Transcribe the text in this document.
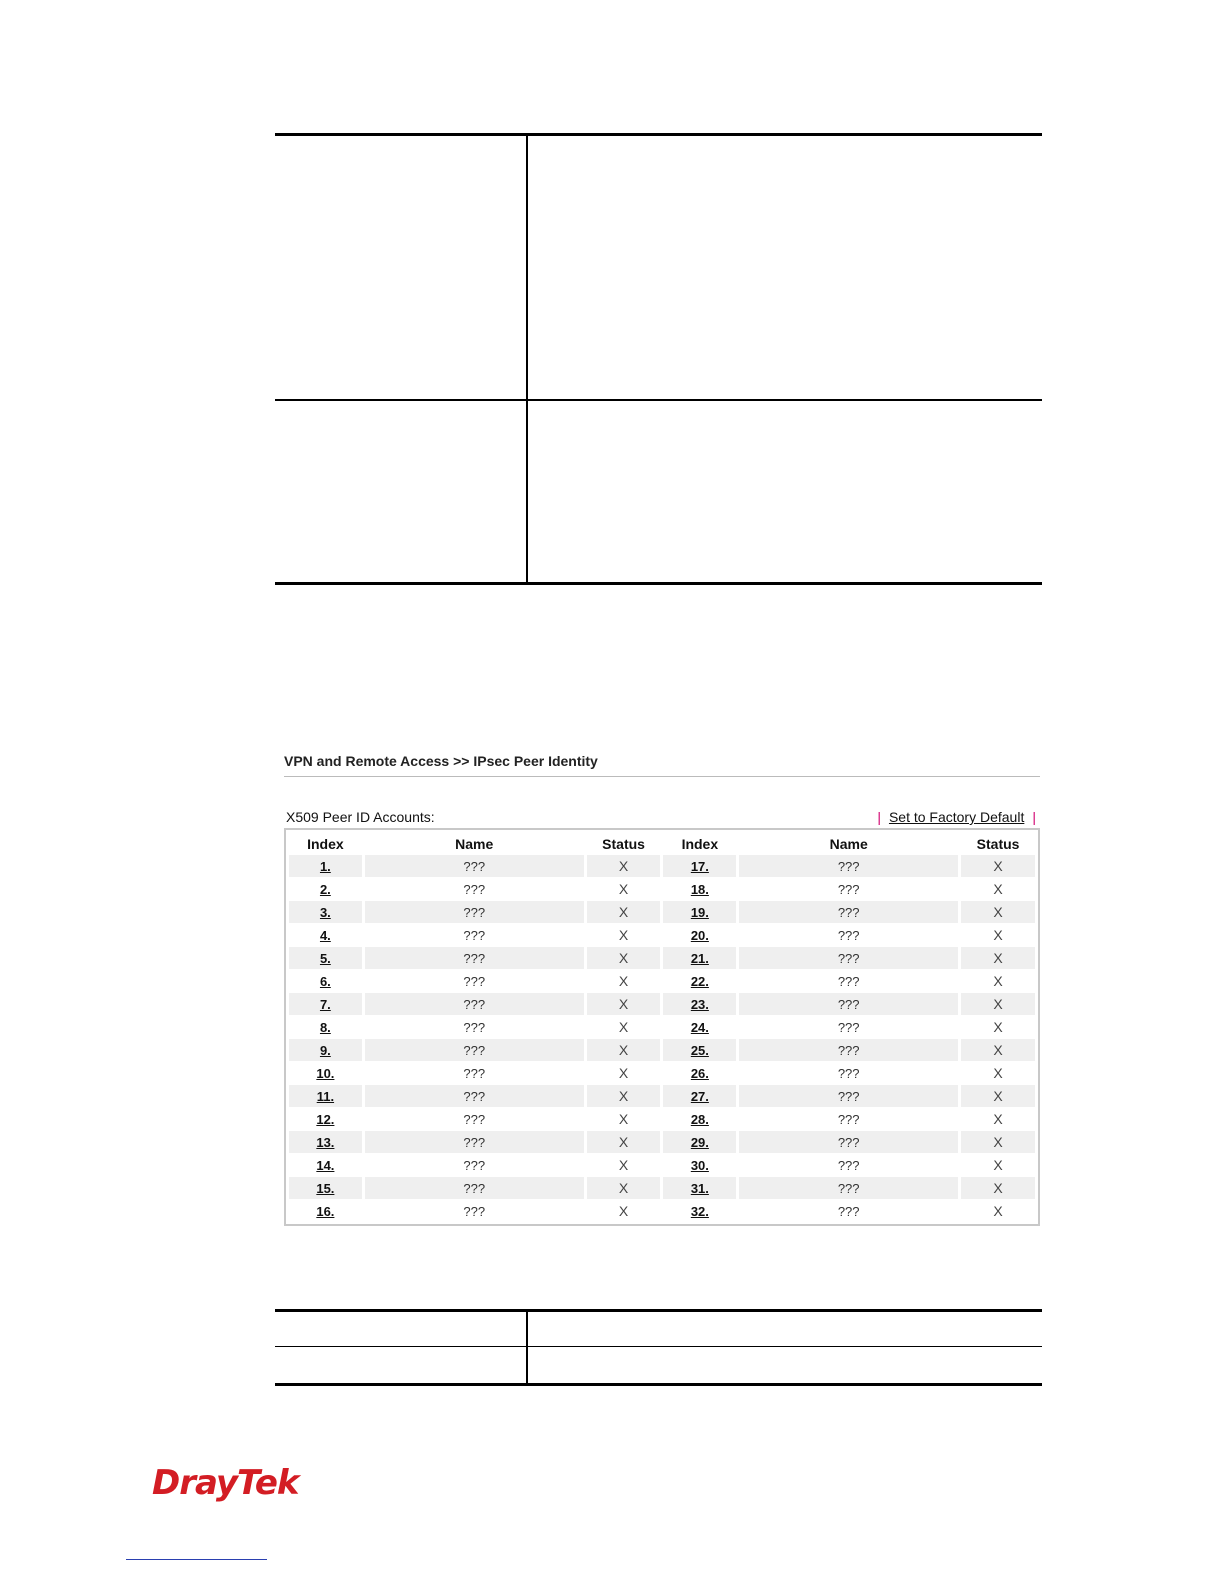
VPN and Remote Access >> IPsec Peer Identity
X509 Peer ID Accounts:	| Set to Factory Default |
Index	Name	Status	Index	Name	Status
1.	???	X	17.	???	X
2.	???	X	18.	???	X
3.	???	X	19.	???	X
4.	???	X	20.	???	X
5.	???	X	21.	???	X
6.	???	X	22.	???	X
7.	???	X	23.	???	X
8.	???	X	24.	???	X
9.	???	X	25.	???	X
10.	???	X	26.	???	X
11.	???	X	27.	???	X
12.	???	X	28.	???	X
13.	???	X	29.	???	X
14.	???	X	30.	???	X
15.	???	X	31.	???	X
16.	???	X	32.	???	X
DrayTek
